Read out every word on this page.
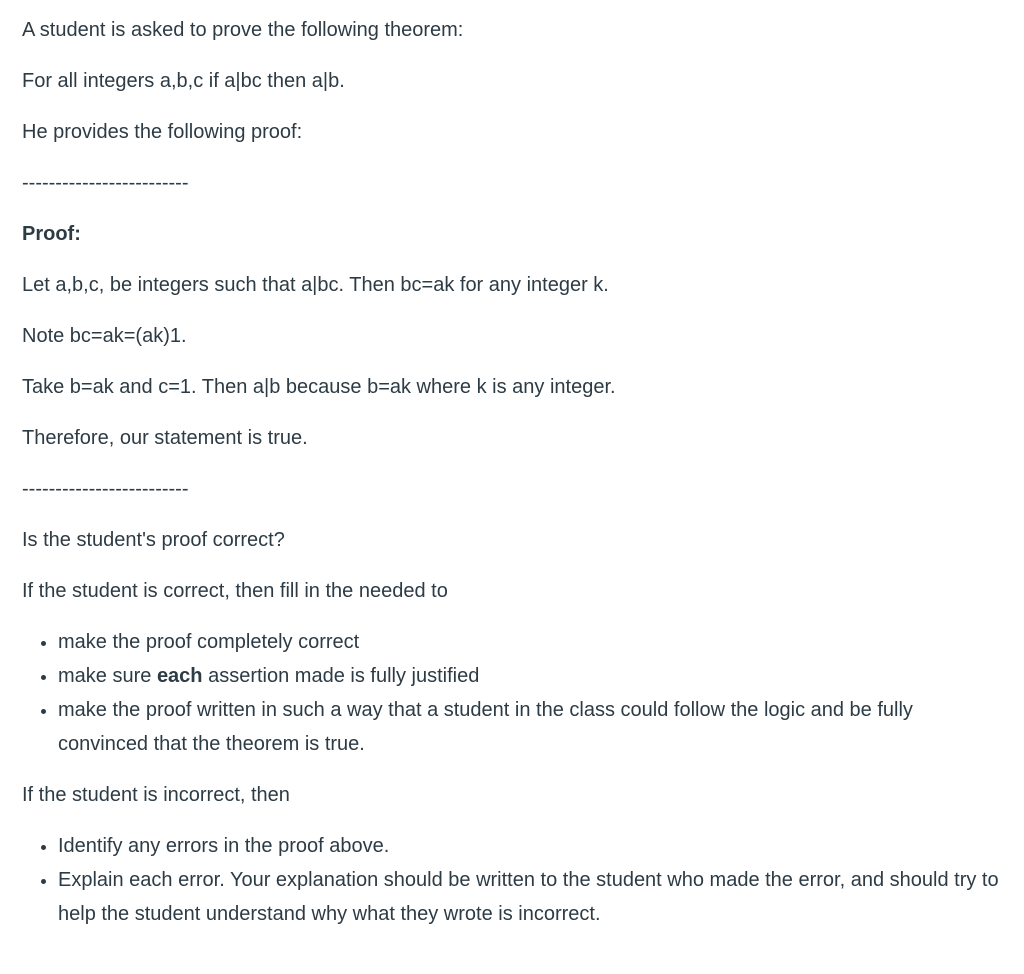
A student is asked to prove the following theorem:

For all integers a,b,c if a|bc then a|b.

He provides the following proof:

-------------------------

Proof:

Let a,b,c, be integers such that a|bc. Then bc=ak for any integer k.

Note bc=ak=(ak)1.

Take b=ak and c=1. Then a|b because b=ak where k is any integer.

Therefore, our statement is true.

-------------------------

Is the student's proof correct?

If the student is correct, then fill in the needed to

• make the proof completely correct
• make sure each assertion made is fully justified
• make the proof written in such a way that a student in the class could follow the logic and be fully convinced that the theorem is true.

If the student is incorrect, then

• Identify any errors in the proof above.
• Explain each error. Your explanation should be written to the student who made the error, and should try to help the student understand why what they wrote is incorrect.
